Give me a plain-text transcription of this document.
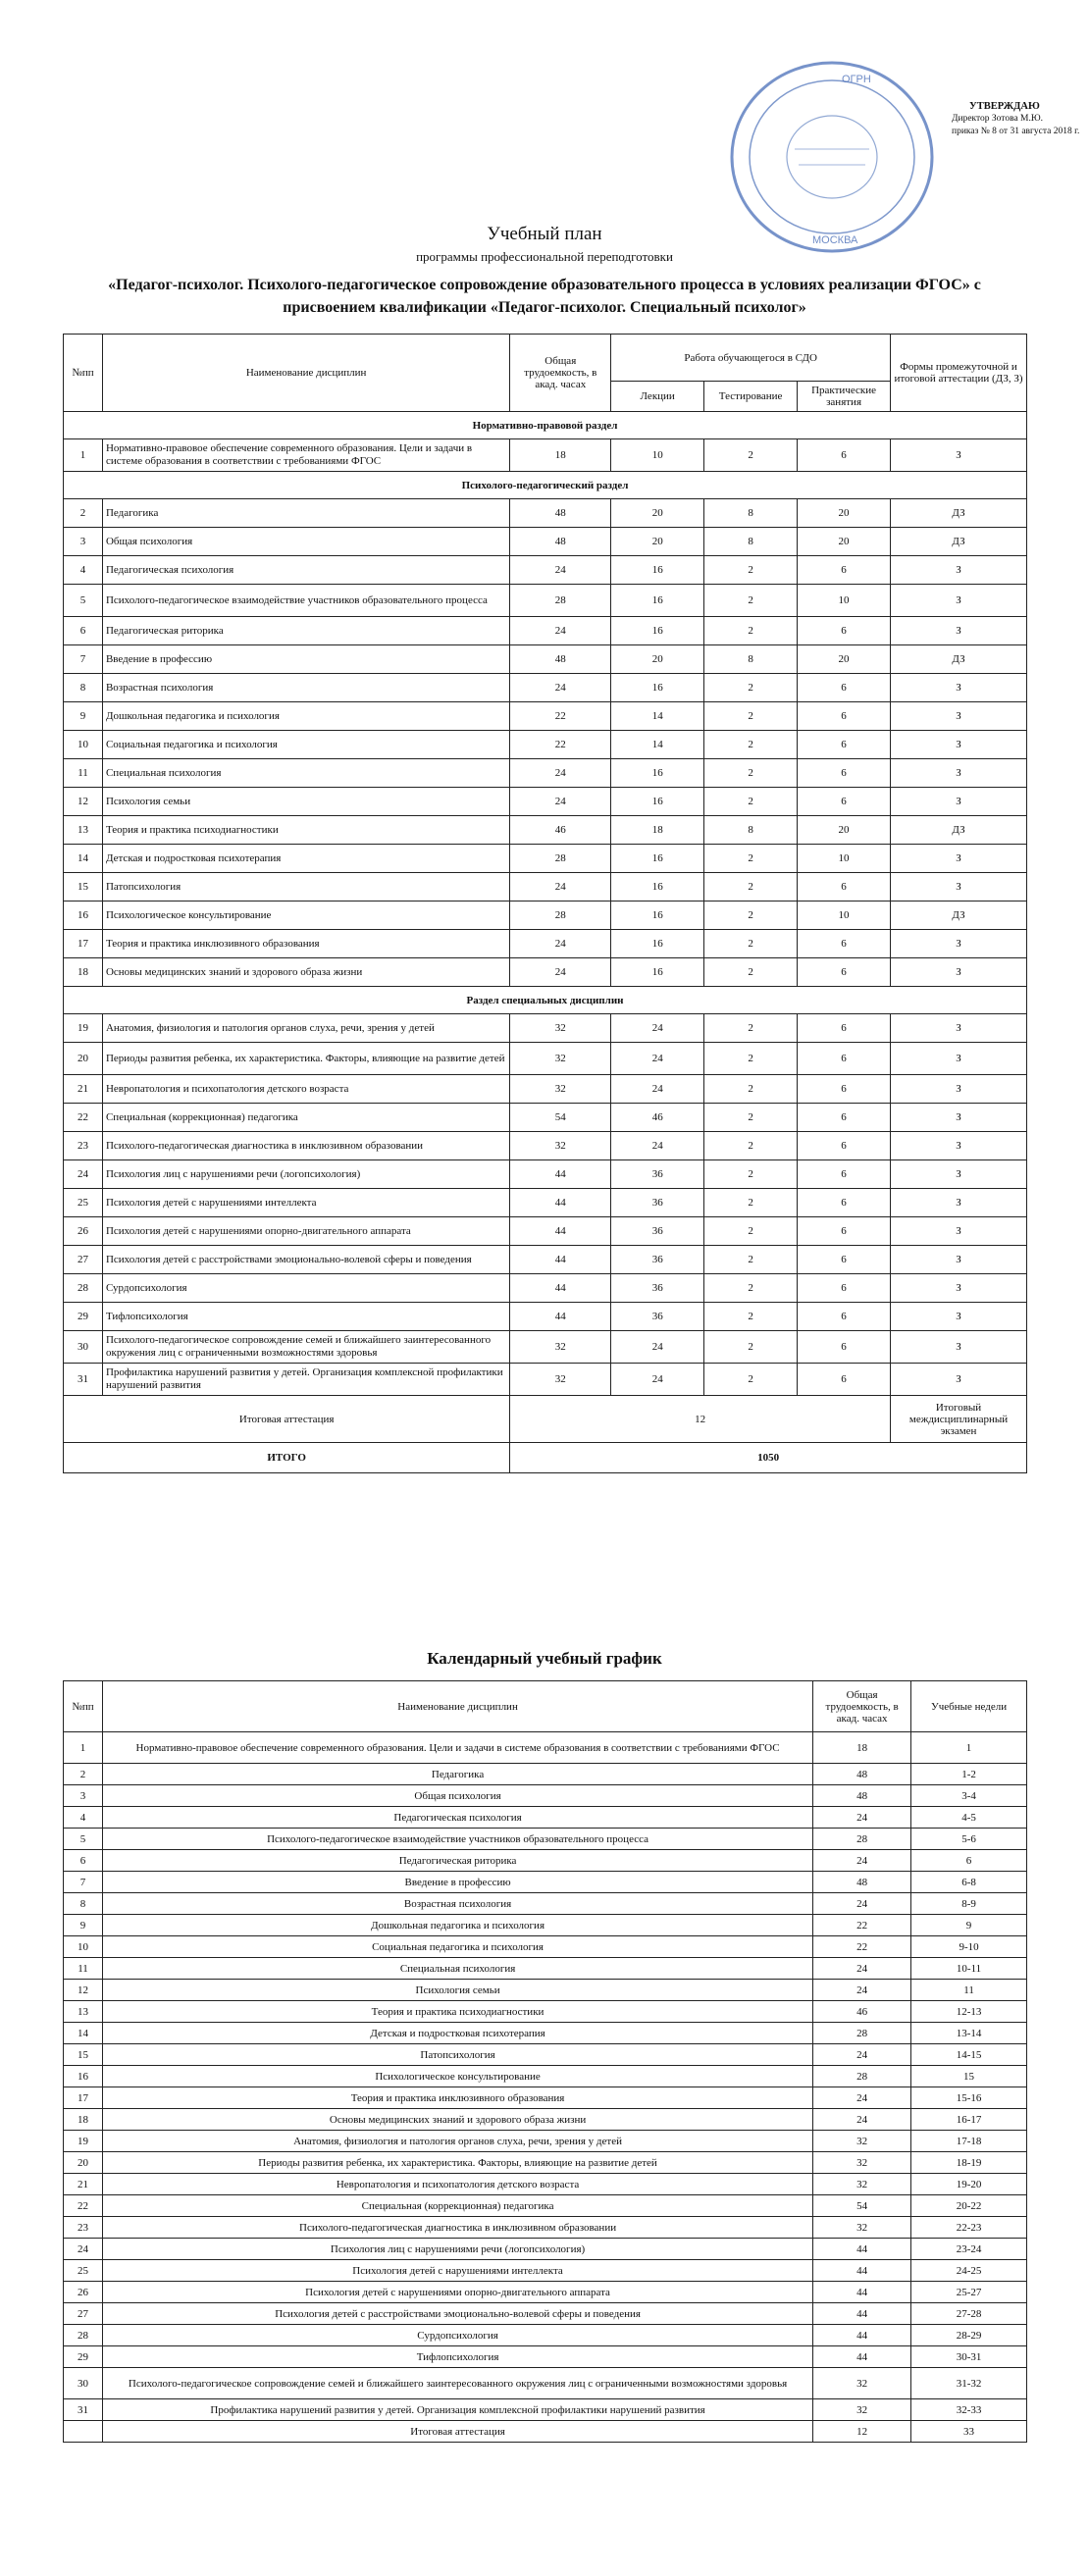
ОГРН
МОСКВА
УТВЕРЖДАЮ
Директор Зотова М.Ю.
приказ № 8 от 31 августа 2018 г.
Учебный план
программы профессиональной переподготовки
«Педагог-психолог. Психолого-педагогическое сопровождение образовательного процесса в условиях реализации ФГОС» с присвоением квалификации «Педагог-психолог. Специальный психолог»
№пп	Наименование дисциплин	Общая трудоемкость, в акад. часах	Работа обучающегося в СДО			Формы промежуточной и итоговой аттестации (ДЗ, З)
			Лекции	Тестирование	Практические занятия	
Нормативно-правовой раздел						
1	Нормативно-правовое обеспечение современного образования. Цели и задачи в системе образования в соответствии с требованиями ФГОС	18	10	2	6	З
Психолого-педагогический раздел						
2	Педагогика	48	20	8	20	ДЗ
3	Общая психология	48	20	8	20	ДЗ
4	Педагогическая психология	24	16	2	6	З
5	Психолого-педагогическое взаимодействие участников образовательного процесса	28	16	2	10	З
6	Педагогическая риторика	24	16	2	6	З
7	Введение в профессию	48	20	8	20	ДЗ
8	Возрастная психология	24	16	2	6	З
9	Дошкольная педагогика и психология	22	14	2	6	З
10	Социальная педагогика и психология	22	14	2	6	З
11	Специальная психология	24	16	2	6	З
12	Психология семьи	24	16	2	6	З
13	Теория и практика психодиагностики	46	18	8	20	ДЗ
14	Детская и подростковая психотерапия	28	16	2	10	З
15	Патопсихология	24	16	2	6	З
16	Психологическое консультирование	28	16	2	10	ДЗ
17	Теория и практика инклюзивного образования	24	16	2	6	З
18	Основы медицинских знаний и здорового образа жизни	24	16	2	6	З
Раздел специальных дисциплин						
19	Анатомия, физиология и патология органов слуха, речи, зрения у детей	32	24	2	6	З
20	Периоды развития ребенка, их характеристика. Факторы, влияющие на развитие детей	32	24	2	6	З
21	Невропатология и психопатология детского возраста	32	24	2	6	З
22	Специальная (коррекционная) педагогика	54	46	2	6	З
23	Психолого-педагогическая диагностика в инклюзивном образовании	32	24	2	6	З
24	Психология лиц с нарушениями речи (логопсихология)	44	36	2	6	З
25	Психология детей с нарушениями интеллекта	44	36	2	6	З
26	Психология детей с нарушениями опорно-двигательного аппарата	44	36	2	6	З
27	Психология детей с расстройствами эмоционально-волевой сферы и поведения	44	36	2	6	З
28	Сурдопсихология	44	36	2	6	З
29	Тифлопсихология	44	36	2	6	З
30	Психолого-педагогическое сопровождение семей и ближайшего заинтересованного окружения лиц с ограниченными возможностями здоровья	32	24	2	6	З
31	Профилактика нарушений развития у детей. Организация комплексной профилактики нарушений развития	32	24	2	6	З
Итоговая аттестация		12				Итоговый междисциплинарный экзамен
ИТОГО		1050				
Календарный учебный график
№пп	Наименование дисциплин	Общая трудоемкость, в акад. часах	Учебные недели
1	Нормативно-правовое обеспечение современного образования. Цели и задачи в системе образования в соответствии с требованиями ФГОС	18	1
2	Педагогика	48	1-2
3	Общая психология	48	3-4
4	Педагогическая психология	24	4-5
5	Психолого-педагогическое взаимодействие участников образовательного процесса	28	5-6
6	Педагогическая риторика	24	6
7	Введение в профессию	48	6-8
8	Возрастная психология	24	8-9
9	Дошкольная педагогика и психология	22	9
10	Социальная педагогика и психология	22	9-10
11	Специальная психология	24	10-11
12	Психология семьи	24	11
13	Теория и практика психодиагностики	46	12-13
14	Детская и подростковая психотерапия	28	13-14
15	Патопсихология	24	14-15
16	Психологическое консультирование	28	15
17	Теория и практика инклюзивного образования	24	15-16
18	Основы медицинских знаний и здорового образа жизни	24	16-17
19	Анатомия, физиология и патология органов слуха, речи, зрения у детей	32	17-18
20	Периоды развития ребенка, их характеристика. Факторы, влияющие на развитие детей	32	18-19
21	Невропатология и психопатология детского возраста	32	19-20
22	Специальная (коррекционная) педагогика	54	20-22
23	Психолого-педагогическая диагностика в инклюзивном образовании	32	22-23
24	Психология лиц с нарушениями речи (логопсихология)	44	23-24
25	Психология детей с нарушениями интеллекта	44	24-25
26	Психология детей с нарушениями опорно-двигательного аппарата	44	25-27
27	Психология детей с расстройствами эмоционально-волевой сферы и поведения	44	27-28
28	Сурдопсихология	44	28-29
29	Тифлопсихология	44	30-31
30	Психолого-педагогическое сопровождение семей и ближайшего заинтересованного окружения лиц с ограниченными возможностями здоровья	32	31-32
31	Профилактика нарушений развития у детей. Организация комплексной профилактики нарушений развития	32	32-33
	Итоговая аттестация	12	33
